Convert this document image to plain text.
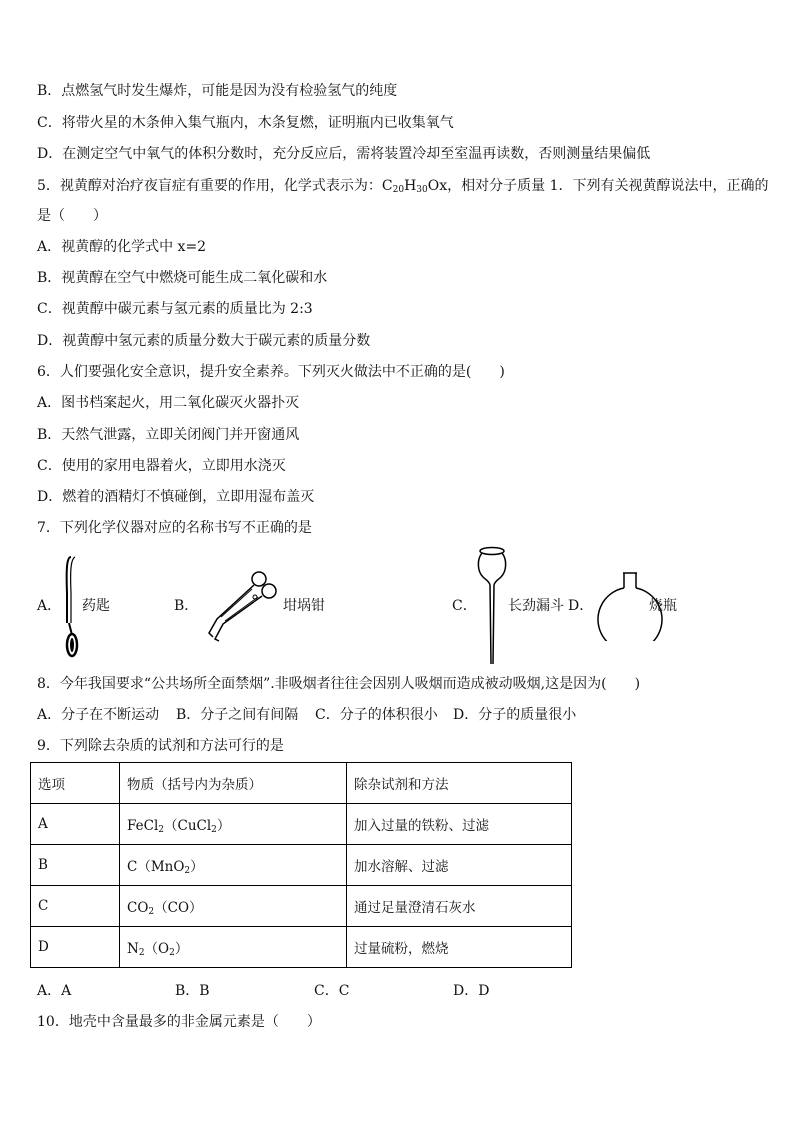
B．点燃氢气时发生爆炸，可能是因为没有检验氢气的纯度
C．将带火星的木条伸入集气瓶内，木条复燃，证明瓶内已收集氧气
D．在测定空气中氧气的体积分数时，充分反应后，需将装置冷却至室温再读数，否则测量结果偏低
5．视黄醇对治疗夜盲症有重要的作用，化学式表示为：$C_{20}H_{30}Ox$，相对分子质量 1．下列有关视黄醇说法中，正确的
是（　　）
A．视黄醇的化学式中 x=2
B．视黄醇在空气中燃烧可能生成二氧化碳和水
C．视黄醇中碳元素与氢元素的质量比为 2:3
D．视黄醇中氢元素的质量分数大于碳元素的质量分数
6．人们要强化安全意识，提升安全素养。下列灭火做法中不正确的是(　　)
A．图书档案起火，用二氧化碳灭火器扑灭
B．天然气泄露，立即关闭阀门并开窗通风
C．使用的家用电器着火，立即用水浇灭
D．燃着的酒精灯不慎碰倒，立即用湿布盖灭
7．下列化学仪器对应的名称书写不正确的是
A． 药匙	B．	坩埚钳	C． 长劲漏斗 D．	烧瓶
8．今年我国要求“公共场所全面禁烟”.非吸烟者往往会因别人吸烟而造成被动吸烟,这是因为(　　)
A．分子在不断运动 B．分子之间有间隔 C．分子的体积很小 D．分子的质量很小
9．下列除去杂质的试剂和方法可行的是
选项	物质（括号内为杂质）	除杂试剂和方法
A	FeCl$_2$（CuCl$_2$）	加入过量的铁粉、过滤
B	C（MnO$_2$）	加水溶解、过滤
C	$CO_2(CO)$	通过足量澄清石灰水
D	$N_2(O_2)$	过量硫粉，燃烧
A．A	B．B	C．C	D．D
10．地壳中含量最多的非金属元素是（　　）
